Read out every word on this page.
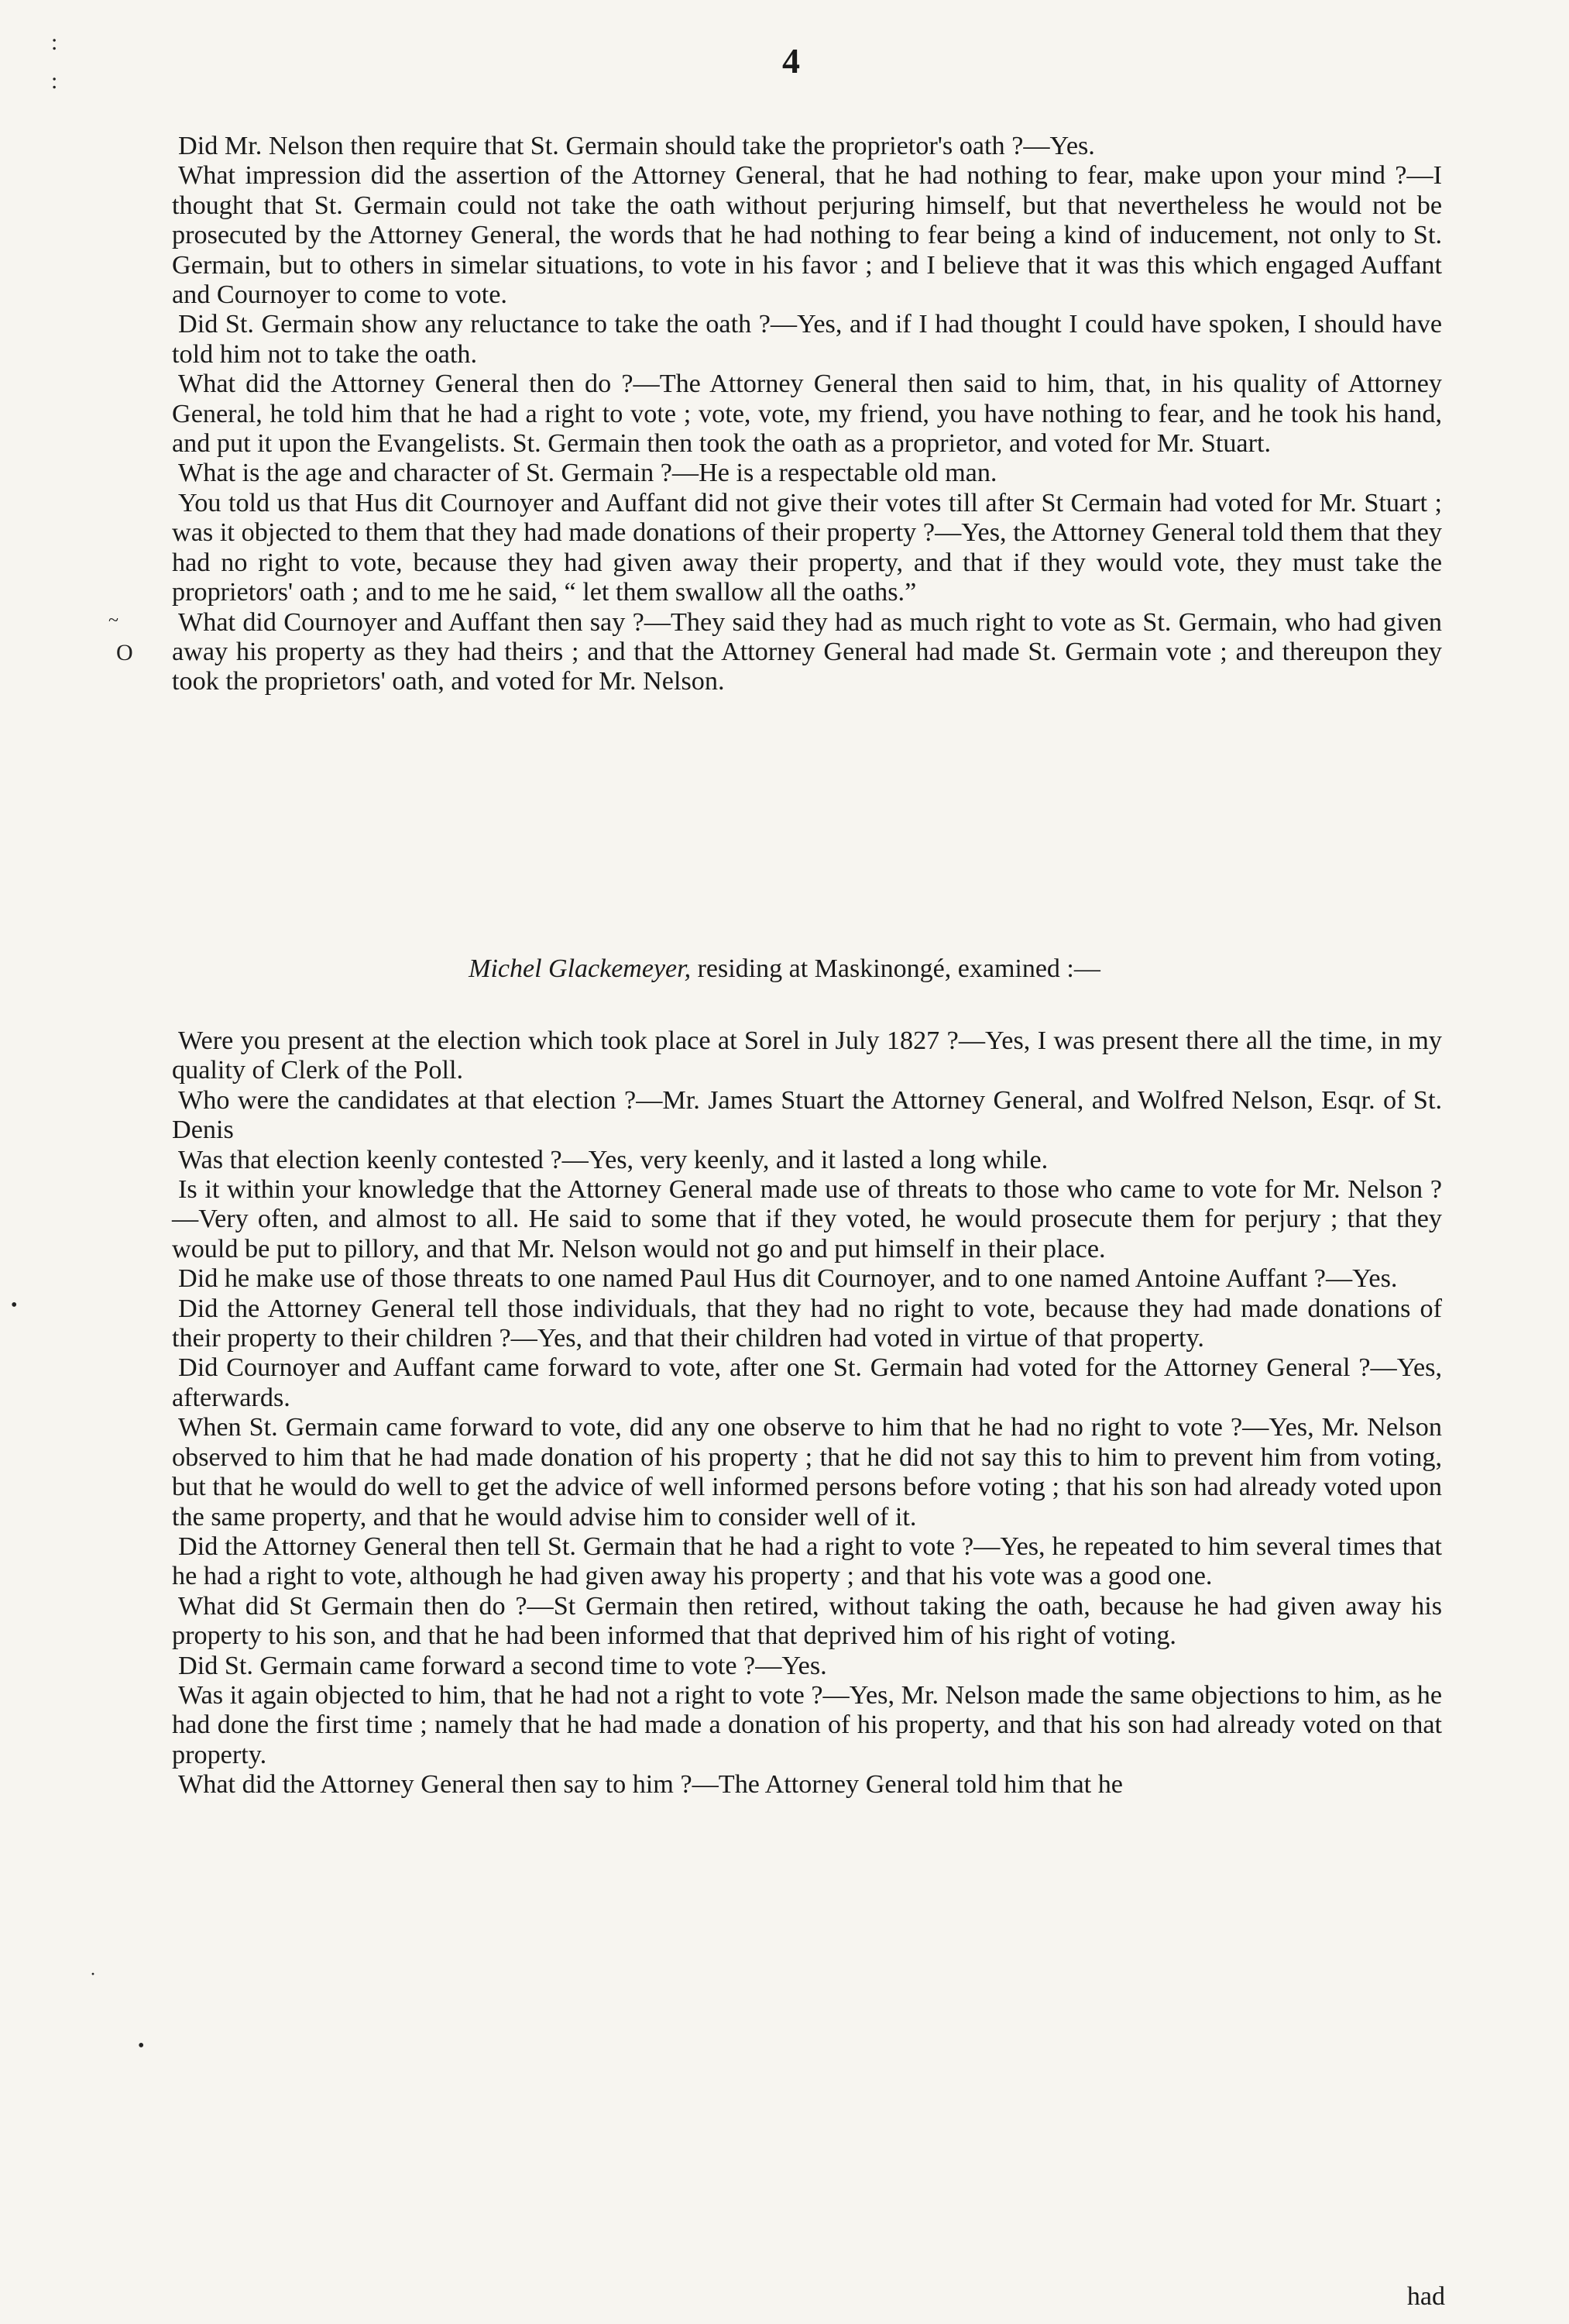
4
:
:
~
O
•
·
•

Did Mr. Nelson then require that St. Germain should take the proprietor's oath ?—Yes.

What impression did the assertion of the Attorney General, that he had nothing to fear, make upon your mind ?—I thought that St. Germain could not take the oath without perjuring himself, but that nevertheless he would not be prosecuted by the Attorney General, the words that he had nothing to fear being a kind of inducement, not only to St. Germain, but to others in simelar situations, to vote in his favor ; and I believe that it was this which engaged Auffant and Cournoyer to come to vote.

Did St. Germain show any reluctance to take the oath ?—Yes, and if I had thought I could have spoken, I should have told him not to take the oath.

What did the Attorney General then do ?—The Attorney General then said to him, that, in his quality of Attorney General, he told him that he had a right to vote ; vote, vote, my friend, you have nothing to fear, and he took his hand, and put it upon the Evangelists. St. Germain then took the oath as a proprietor, and voted for Mr. Stuart.

What is the age and character of St. Germain ?—He is a respectable old man.

You told us that Hus dit Cournoyer and Auffant did not give their votes till after St Cermain had voted for Mr. Stuart ; was it objected to them that they had made donations of their property ?—Yes, the Attorney General told them that they had no right to vote, because they had given away their property, and that if they would vote, they must take the proprietors' oath ; and to me he said, “ let them swallow all the oaths.”

What did Cournoyer and Auffant then say ?—They said they had as much right to vote as St. Germain, who had given away his property as they had theirs ; and that the Attorney General had made St. Germain vote ; and thereupon they took the proprietors' oath, and voted for Mr. Nelson.

Michel Glackemeyer, residing at Maskinongé, examined :—

Were you present at the election which took place at Sorel in July 1827 ?—Yes, I was present there all the time, in my quality of Clerk of the Poll.

Who were the candidates at that election ?—Mr. James Stuart the Attorney General, and Wolfred Nelson, Esqr. of St. Denis

Was that election keenly contested ?—Yes, very keenly, and it lasted a long while.

Is it within your knowledge that the Attorney General made use of threats to those who came to vote for Mr. Nelson ?—Very often, and almost to all. He said to some that if they voted, he would prosecute them for perjury ; that they would be put to pillory, and that Mr. Nelson would not go and put himself in their place.

Did he make use of those threats to one named Paul Hus dit Cournoyer, and to one named Antoine Auffant ?—Yes.

Did the Attorney General tell those individuals, that they had no right to vote, because they had made donations of their property to their children ?—Yes, and that their children had voted in virtue of that property.

Did Cournoyer and Auffant came forward to vote, after one St. Germain had voted for the Attorney General ?—Yes, afterwards.

When St. Germain came forward to vote, did any one observe to him that he had no right to vote ?—Yes, Mr. Nelson observed to him that he had made donation of his property ; that he did not say this to him to prevent him from voting, but that he would do well to get the advice of well informed persons before voting ; that his son had already voted upon the same property, and that he would advise him to consider well of it.

Did the Attorney General then tell St. Germain that he had a right to vote ?—Yes, he repeated to him several times that he had a right to vote, although he had given away his property ; and that his vote was a good one.

What did St Germain then do ?—St Germain then retired, without taking the oath, because he had given away his property to his son, and that he had been informed that that deprived him of his right of voting.

Did St. Germain came forward a second time to vote ?—Yes.

Was it again objected to him, that he had not a right to vote ?—Yes, Mr. Nelson made the same objections to him, as he had done the first time ; namely that he had made a donation of his property, and that his son had already voted on that property.

What did the Attorney General then say to him ?—The Attorney General told him that he

had
